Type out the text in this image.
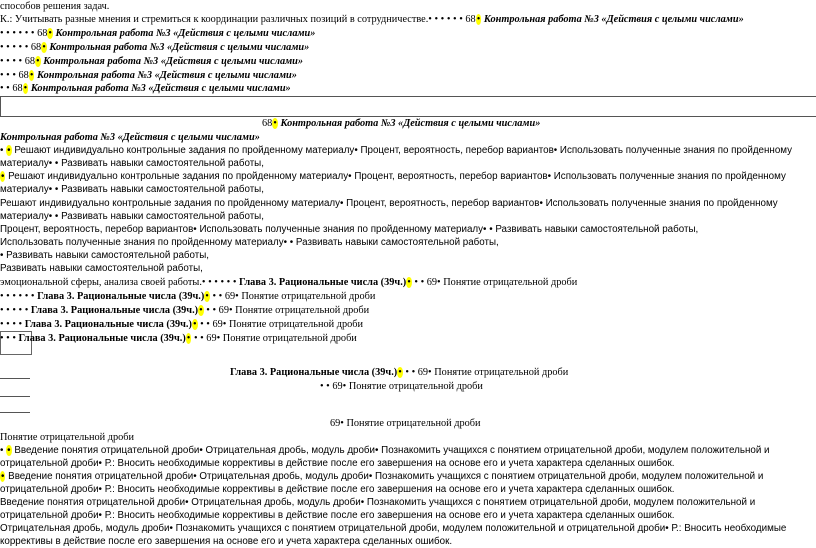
способов решения задач.
К.: Учитывать разные мнения и стремиться к координации различных позиций в сотрудничестве.• • • • • • 68• Контрольная работа №3 «Действия с целыми числами»
• • • • • • 68• Контрольная работа №3 «Действия с целыми числами»
• • • • • 68• Контрольная работа №3 «Действия с целыми числами»
• • • • 68• Контрольная работа №3 «Действия с целыми числами»
• • • 68• Контрольная работа №3 «Действия с целыми числами»
• • 68• Контрольная работа №3 «Действия с целыми числами»
68• Контрольная работа №3 «Действия с целыми числами»
Контрольная работа №3 «Действия с целыми числами»
• • Решают индивидуально контрольные задания по пройденному материалу• Процент, вероятность, перебор вариантов• Использовать полученные знания по пройденному
материалу• • Развивать навыки самостоятельной работы,
• Решают индивидуально контрольные задания по пройденному материалу• Процент, вероятность, перебор вариантов• Использовать полученные знания по пройденному
материалу• • Развивать навыки самостоятельной работы,
Решают индивидуально контрольные задания по пройденному материалу• Процент, вероятность, перебор вариантов• Использовать полученные знания по пройденному
материалу• • Развивать навыки самостоятельной работы,
Процент, вероятность, перебор вариантов• Использовать полученные знания по пройденному материалу• • Развивать навыки самостоятельной работы,
Использовать полученные знания по пройденному материалу• • Развивать навыки самостоятельной работы,
• Развивать навыки самостоятельной работы,
Развивать навыки самостоятельной работы,
эмоциональной сферы, анализа своей работы.• • • • • • Глава 3. Рациональные числа (39ч.)• • • 69• Понятие отрицательной дроби
• • • • • • Глава 3. Рациональные числа (39ч.)• • • 69• Понятие отрицательной дроби
• • • • • Глава 3. Рациональные числа (39ч.)• • • 69• Понятие отрицательной дроби
• • • • Глава 3. Рациональные числа (39ч.)• • • 69• Понятие отрицательной дроби
• • • Глава 3. Рациональные числа (39ч.)• • • 69• Понятие отрицательной дроби
Глава 3. Рациональные числа (39ч.)• • • 69• Понятие отрицательной дроби
• • 69• Понятие отрицательной дроби
69• Понятие отрицательной дроби
Понятие отрицательной дроби
• • Введение понятия отрицательной дроби• Отрицательная дробь, модуль дроби• Познакомить учащихся с понятием отрицательной дроби, модулем положительной и
отрицательной дроби• Р.: Вносить необходимые коррективы в действие после его завершения на основе его и учета характера сделанных ошибок.
• Введение понятия отрицательной дроби• Отрицательная дробь, модуль дроби• Познакомить учащихся с понятием отрицательной дроби, модулем положительной и
отрицательной дроби• Р.: Вносить необходимые коррективы в действие после его завершения на основе его и учета характера сделанных ошибок.
Введение понятия отрицательной дроби• Отрицательная дробь, модуль дроби• Познакомить учащихся с понятием отрицательной дроби, модулем положительной и
отрицательной дроби• Р.: Вносить необходимые коррективы в действие после его завершения на основе его и учета характера сделанных ошибок.
Отрицательная дробь, модуль дроби• Познакомить учащихся с понятием отрицательной дроби, модулем положительной и отрицательной дроби• Р.: Вносить необходимые
коррективы в действие после его завершения на основе его и учета характера сделанных ошибок.
